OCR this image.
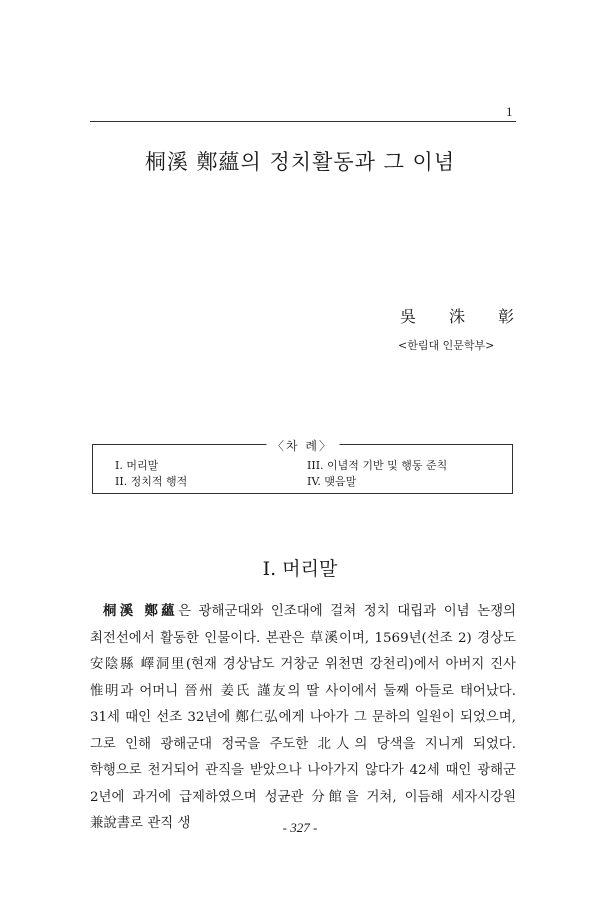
1
桐溪 鄭蘊의 정치활동과 그 이념
吳 洙 彰
<한림대 인문학부>
〈차 례〉
I. 머리말
II. 정치적 행적
III. 이념적 기반 및 행동 준칙
IV. 맺음말
I. 머리말
桐溪 鄭蘊은 광해군대와 인조대에 걸쳐 정치 대립과 이념 논쟁의 최전선에서 활동한 인물이다. 본관은 草溪이며, 1569년(선조 2) 경상도 安陰縣 嶧洞里(현재 경상남도 거창군 위천면 강천리)에서 아버지 진사 惟明과 어머니 晉州 姜氏 謹友의 딸 사이에서 둘째 아들로 태어났다. 31세 때인 선조 32년에 鄭仁弘에게 나아가 그 문하의 일원이 되었으며, 그로 인해 광해군대 정국을 주도한 北人의 당색을 지니게 되었다. 학행으로 천거되어 관직을 받았으나 나아가지 않다가 42세 때인 광해군 2년에 과거에 급제하였으며 성균관 分館을 거쳐, 이듬해 세자시강원 兼說書로 관직 생	- 327 -
